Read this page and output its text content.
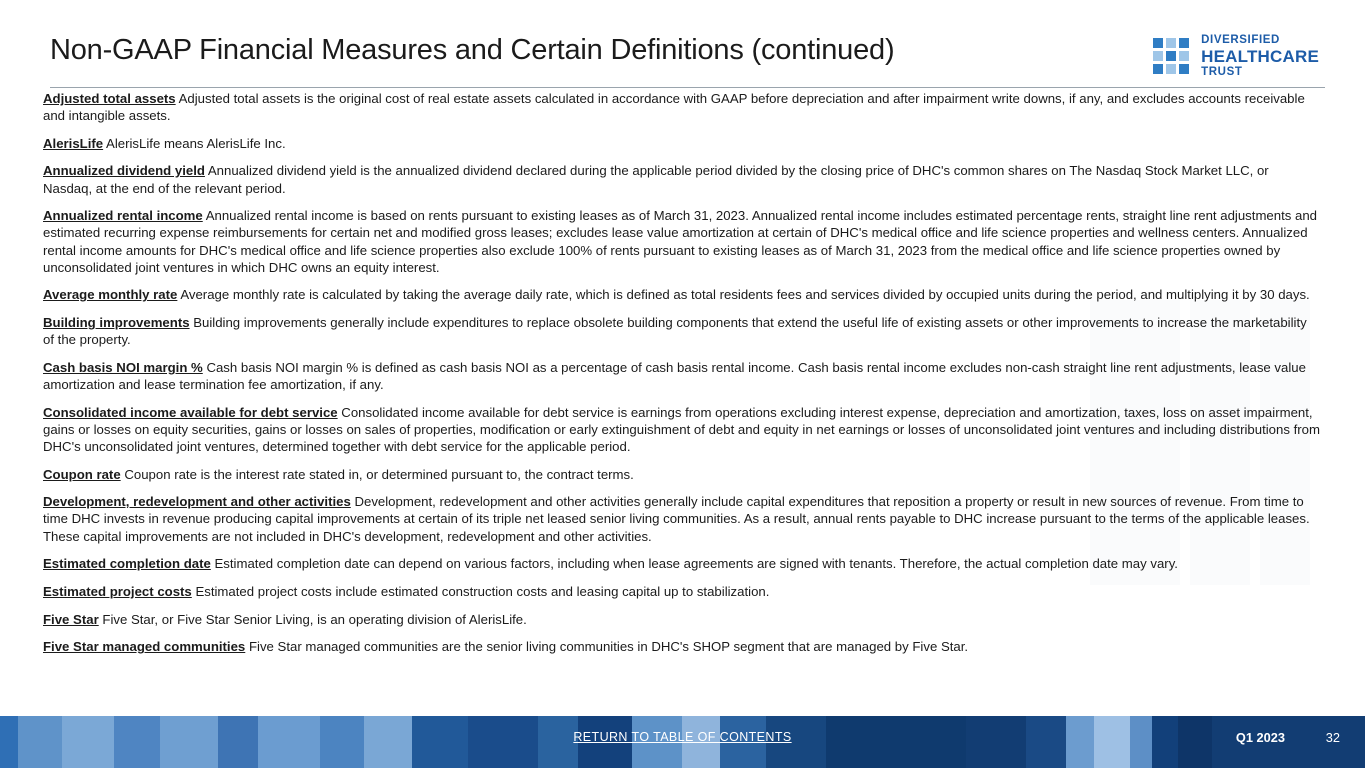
Non-GAAP Financial Measures and Certain Definitions (continued)	DIVERSIFIED
HEALTHCARE
TRUST
Adjusted total assets Adjusted total assets is the original cost of real estate assets calculated in accordance with GAAP before depreciation and after impairment write downs, if any, and excludes accounts receivable and intangible assets.
AlerisLife AlerisLife means AlerisLife Inc.
Annualized dividend yield Annualized dividend yield is the annualized dividend declared during the applicable period divided by the closing price of DHC's common shares on The Nasdaq Stock Market LLC, or Nasdaq, at the end of the relevant period.
Annualized rental income Annualized rental income is based on rents pursuant to existing leases as of March 31, 2023. Annualized rental income includes estimated percentage rents, straight line rent adjustments and estimated recurring expense reimbursements for certain net and modified gross leases; excludes lease value amortization at certain of DHC's medical office and life science properties and wellness centers. Annualized rental income amounts for DHC's medical office and life science properties also exclude 100% of rents pursuant to existing leases as of March 31, 2023 from the medical office and life science properties owned by unconsolidated joint ventures in which DHC owns an equity interest.
Average monthly rate Average monthly rate is calculated by taking the average daily rate, which is defined as total residents fees and services divided by occupied units during the period, and multiplying it by 30 days.
Building improvements Building improvements generally include expenditures to replace obsolete building components that extend the useful life of existing assets or other improvements to increase the marketability of the property.
Cash basis NOI margin % Cash basis NOI margin % is defined as cash basis NOI as a percentage of cash basis rental income. Cash basis rental income excludes non-cash straight line rent adjustments, lease value amortization and lease termination fee amortization, if any.
Consolidated income available for debt service Consolidated income available for debt service is earnings from operations excluding interest expense, depreciation and amortization, taxes, loss on asset impairment, gains or losses on equity securities, gains or losses on sales of properties, modification or early extinguishment of debt and equity in net earnings or losses of unconsolidated joint ventures and including distributions from DHC's unconsolidated joint ventures, determined together with debt service for the applicable period.
Coupon rate Coupon rate is the interest rate stated in, or determined pursuant to, the contract terms.
Development, redevelopment and other activities Development, redevelopment and other activities generally include capital expenditures that reposition a property or result in new sources of revenue. From time to time DHC invests in revenue producing capital improvements at certain of its triple net leased senior living communities. As a result, annual rents payable to DHC increase pursuant to the terms of the applicable leases. These capital improvements are not included in DHC's development, redevelopment and other activities.
Estimated completion date Estimated completion date can depend on various factors, including when lease agreements are signed with tenants. Therefore, the actual completion date may vary.
Estimated project costs Estimated project costs include estimated construction costs and leasing capital up to stabilization.
Five Star Five Star, or Five Star Senior Living, is an operating division of AlerisLife.
Five Star managed communities Five Star managed communities are the senior living communities in DHC's SHOP segment that are managed by Five Star.
RETURN TO TABLE OF CONTENTS	Q1 2023	32
